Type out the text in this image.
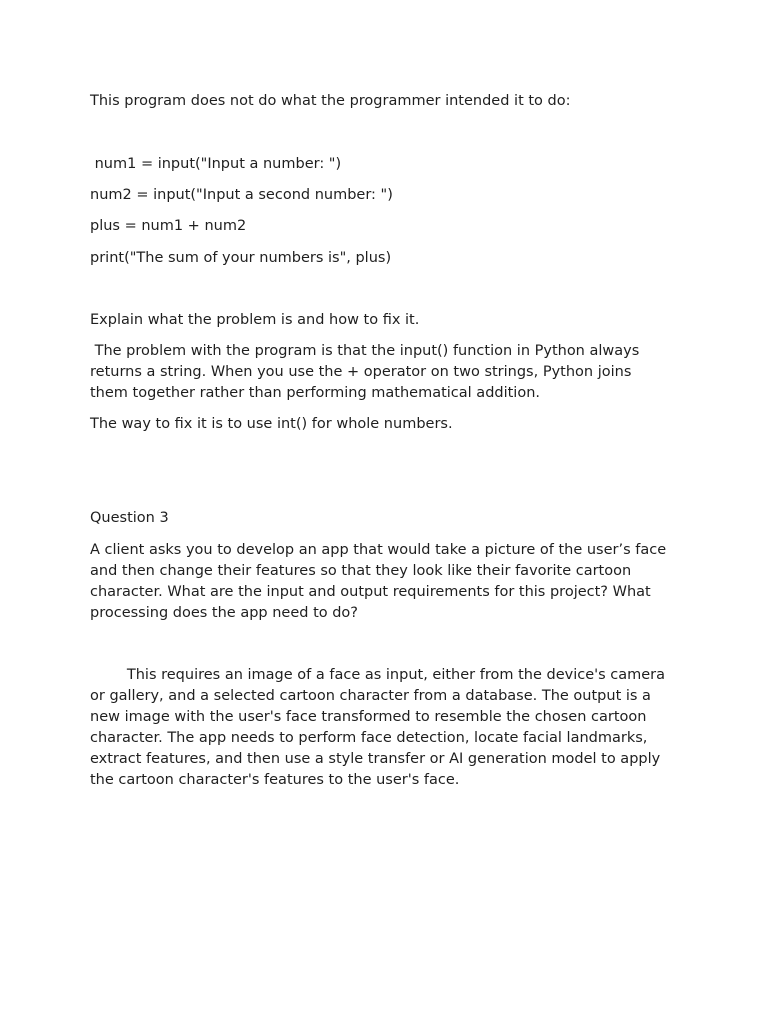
This program does not do what the programmer intended it to do:

num1 = input("Input a number: ")

num2 = input("Input a second number: ")

plus = num1 + num2

print("The sum of your numbers is", plus)

Explain what the problem is and how to fix it.

The problem with the program is that the input() function in Python always returns a string. When you use the + operator on two strings, Python joins them together rather than performing mathematical addition.

The way to fix it is to use int() for whole numbers.

Question 3

A client asks you to develop an app that would take a picture of the user’s face and then change their features so that they look like their favorite cartoon character. What are the input and output requirements for this project? What processing does the app need to do?

This requires an image of a face as input, either from the device's camera or gallery, and a selected cartoon character from a database. The output is a new image with the user's face transformed to resemble the chosen cartoon character. The app needs to perform face detection, locate facial landmarks, extract features, and then use a style transfer or AI generation model to apply the cartoon character's features to the user's face.
